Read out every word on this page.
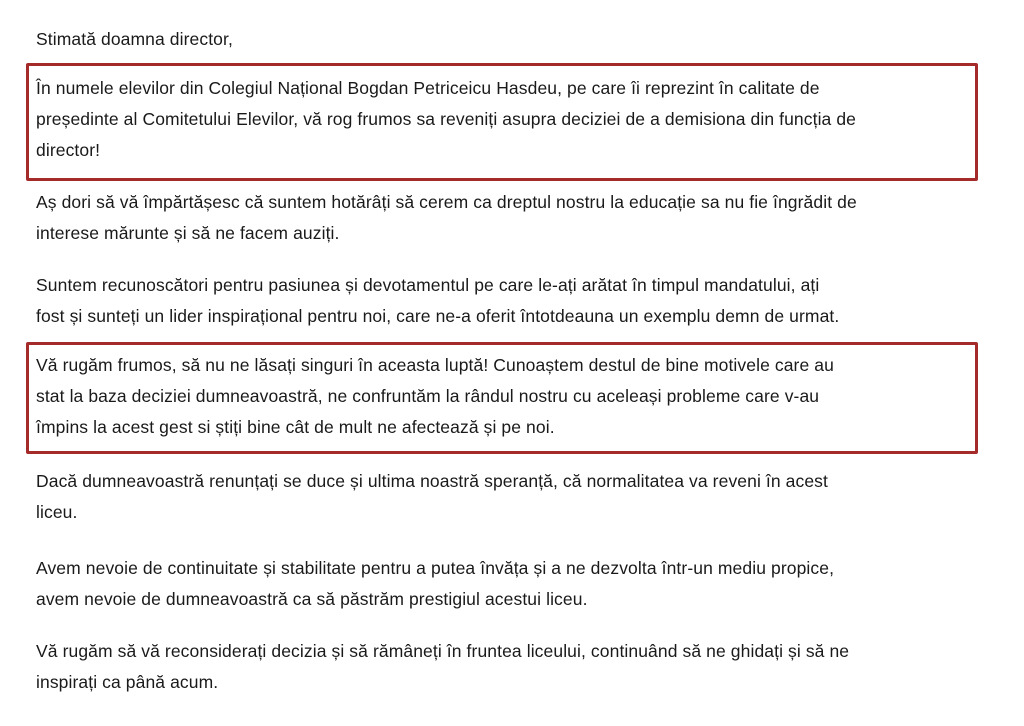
Stimată doamna director,

În numele elevilor din Colegiul Național Bogdan Petriceicu Hasdeu, pe care îi reprezint în calitate de
președinte al Comitetului Elevilor, vă rog frumos sa reveniți asupra deciziei de a demisiona din funcția de
director!

Aș dori să vă împărtășesc că suntem hotărâți să cerem ca dreptul nostru la educație sa nu fie îngrădit de
interese mărunte și să ne facem auziți.

Suntem recunoscători pentru pasiunea și devotamentul pe care le-ați arătat în timpul mandatului, ați
fost și sunteți un lider inspirațional pentru noi, care ne-a oferit întotdeauna un exemplu demn de urmat.

Vă rugăm frumos, să nu ne lăsați singuri în aceasta luptă! Cunoaștem destul de bine motivele care au
stat la baza deciziei dumneavoastră, ne confruntăm la rândul nostru cu aceleași probleme care v-au
împins la acest gest si știți bine cât de mult ne afectează și pe noi.

Dacă dumneavoastră renunțați se duce și ultima noastră speranță, că normalitatea va reveni în acest
liceu.

Avem nevoie de continuitate și stabilitate pentru a putea învăța și a ne dezvolta într-un mediu propice,
avem nevoie de dumneavoastră ca să păstrăm prestigiul acestui liceu.

Vă rugăm să vă reconsiderați decizia și să rămâneți în fruntea liceului, continuând să ne ghidați și să ne
inspirați ca până acum.
